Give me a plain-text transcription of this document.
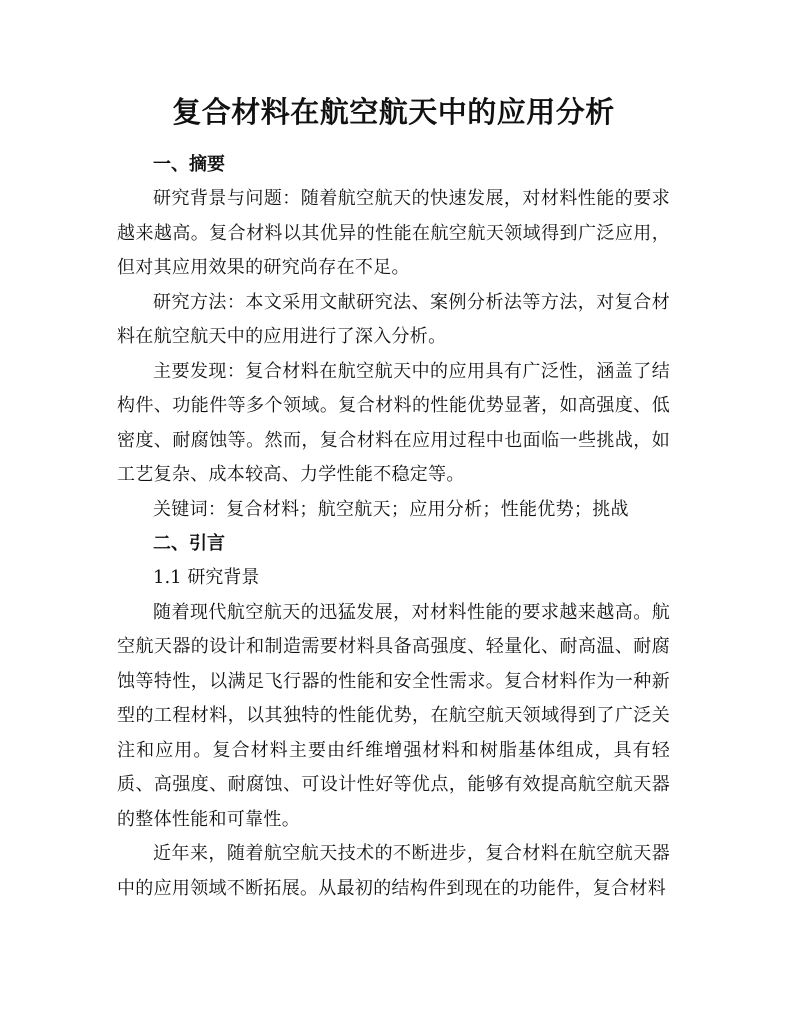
复合材料在航空航天中的应用分析

一、摘要

研究背景与问题：随着航空航天的快速发展，对材料性能的要求越来越高。复合材料以其优异的性能在航空航天领域得到广泛应用，但对其应用效果的研究尚存在不足。

研究方法：本文采用文献研究法、案例分析法等方法，对复合材料在航空航天中的应用进行了深入分析。

主要发现：复合材料在航空航天中的应用具有广泛性，涵盖了结构件、功能件等多个领域。复合材料的性能优势显著，如高强度、低密度、耐腐蚀等。然而，复合材料在应用过程中也面临一些挑战，如工艺复杂、成本较高、力学性能不稳定等。

关键词：复合材料；航空航天；应用分析；性能优势；挑战

二、引言

1.1 研究背景

随着现代航空航天的迅猛发展，对材料性能的要求越来越高。航空航天器的设计和制造需要材料具备高强度、轻量化、耐高温、耐腐蚀等特性，以满足飞行器的性能和安全性需求。复合材料作为一种新型的工程材料，以其独特的性能优势，在航空航天领域得到了广泛关注和应用。复合材料主要由纤维增强材料和树脂基体组成，具有轻质、高强度、耐腐蚀、可设计性好等优点，能够有效提高航空航天器的整体性能和可靠性。

近年来，随着航空航天技术的不断进步，复合材料在航空航天器中的应用领域不断拓展。从最初的结构件到现在的功能件，复合材料
